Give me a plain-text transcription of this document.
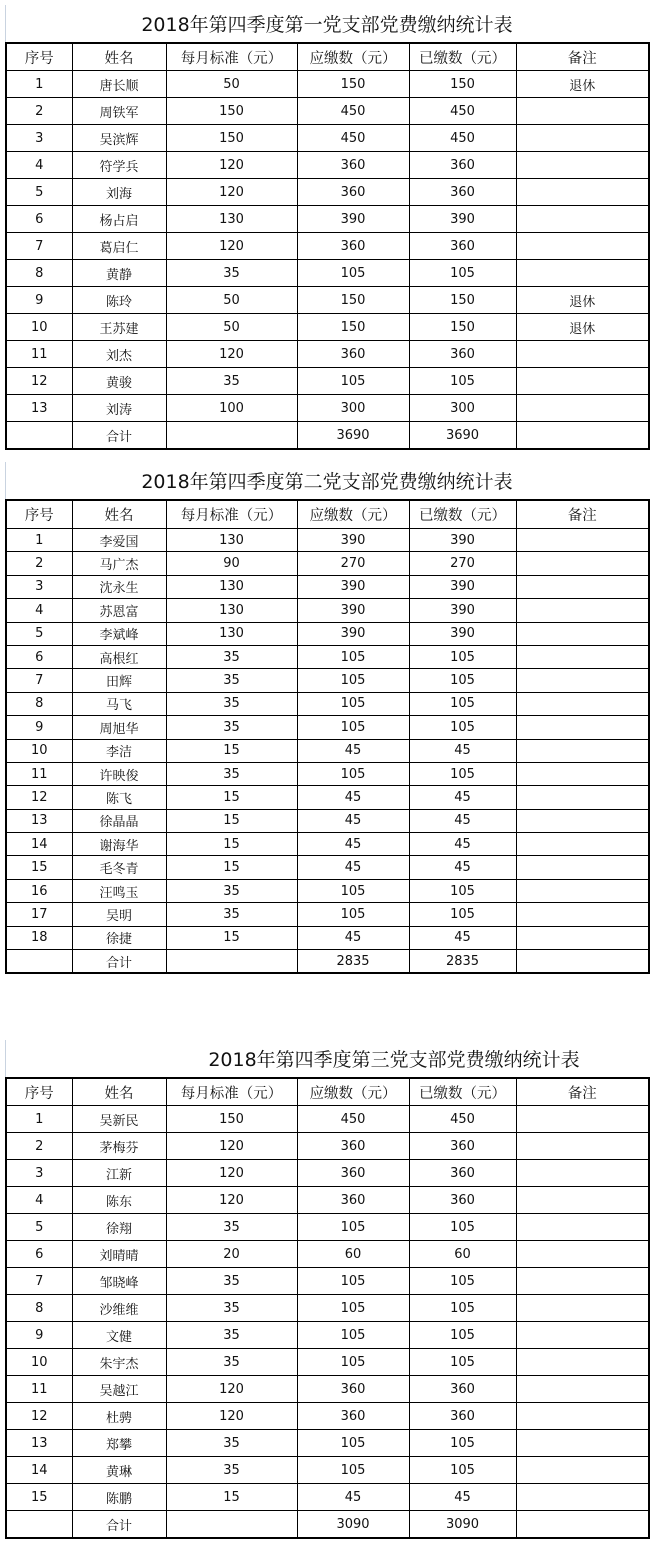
2018年第四季度第一党支部党费缴纳统计表
序号	姓名	每月标准（元）	应缴数（元）	已缴数（元）	备注
1	唐长顺	50	150	150	退休
2	周铁军	150	450	450	
3	吴滨辉	150	450	450	
4	符学兵	120	360	360	
5	刘海	120	360	360	
6	杨占启	130	390	390	
7	葛启仁	120	360	360	
8	黄静	35	105	105	
9	陈玲	50	150	150	退休
10	王苏建	50	150	150	退休
11	刘杰	120	360	360	
12	黄骏	35	105	105	
13	刘涛	100	300	300	
	合计		3690	3690	
2018年第四季度第二党支部党费缴纳统计表
序号	姓名	每月标准（元）	应缴数（元）	已缴数（元）	备注
1	李爱国	130	390	390	
2	马广杰	90	270	270	
3	沈永生	130	390	390	
4	苏恩富	130	390	390	
5	李斌峰	130	390	390	
6	高根红	35	105	105	
7	田辉	35	105	105	
8	马飞	35	105	105	
9	周旭华	35	105	105	
10	李洁	15	45	45	
11	许映俊	35	105	105	
12	陈飞	15	45	45	
13	徐晶晶	15	45	45	
14	谢海华	15	45	45	
15	毛冬青	15	45	45	
16	汪鸣玉	35	105	105	
17	吴明	35	105	105	
18	徐捷	15	45	45	
	合计		2835	2835	
2018年第四季度第三党支部党费缴纳统计表
序号	姓名	每月标准（元）	应缴数（元）	已缴数（元）	备注
1	吴新民	150	450	450	
2	茅梅芬	120	360	360	
3	江新	120	360	360	
4	陈东	120	360	360	
5	徐翔	35	105	105	
6	刘晴晴	20	60	60	
7	邹晓峰	35	105	105	
8	沙维维	35	105	105	
9	文健	35	105	105	
10	朱宇杰	35	105	105	
11	吴越江	120	360	360	
12	杜骋	120	360	360	
13	郑攀	35	105	105	
14	黄琳	35	105	105	
15	陈鹏	15	45	45	
	合计		3090	3090	
